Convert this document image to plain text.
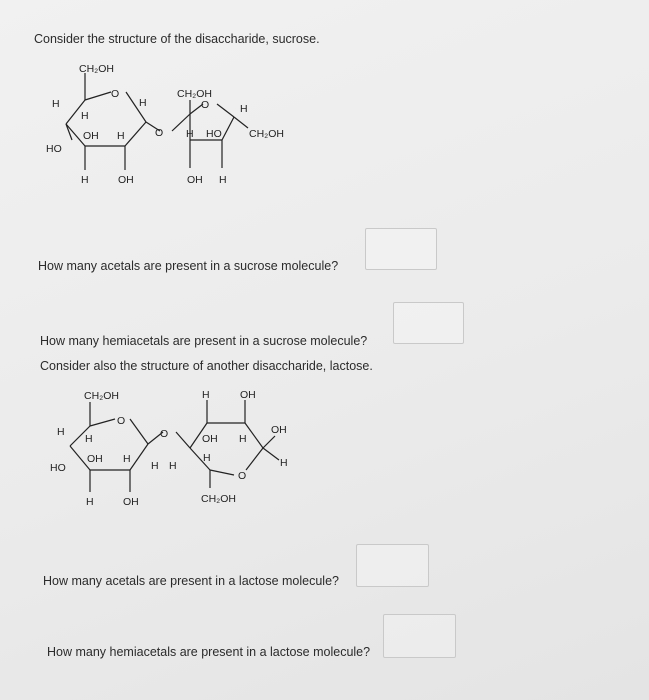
Consider the structure of the disaccharide, sucrose.
CH₂OH
O
H
H
OH H
HO
H	OH
O
H
CH₂OH
O	H
H HO	CH₂OH
OH H
How many acetals are present in a sucrose molecule?
How many hemiacetals are present in a sucrose molecule?
Consider also the structure of another disaccharide, lactose.
CH₂OH
O
H
H
OH H
HO
H	OH
O
H H
H	OH
OH H
H
OH
O
H
CH₂OH
How many acetals are present in a lactose molecule?
How many hemiacetals are present in a lactose molecule?
